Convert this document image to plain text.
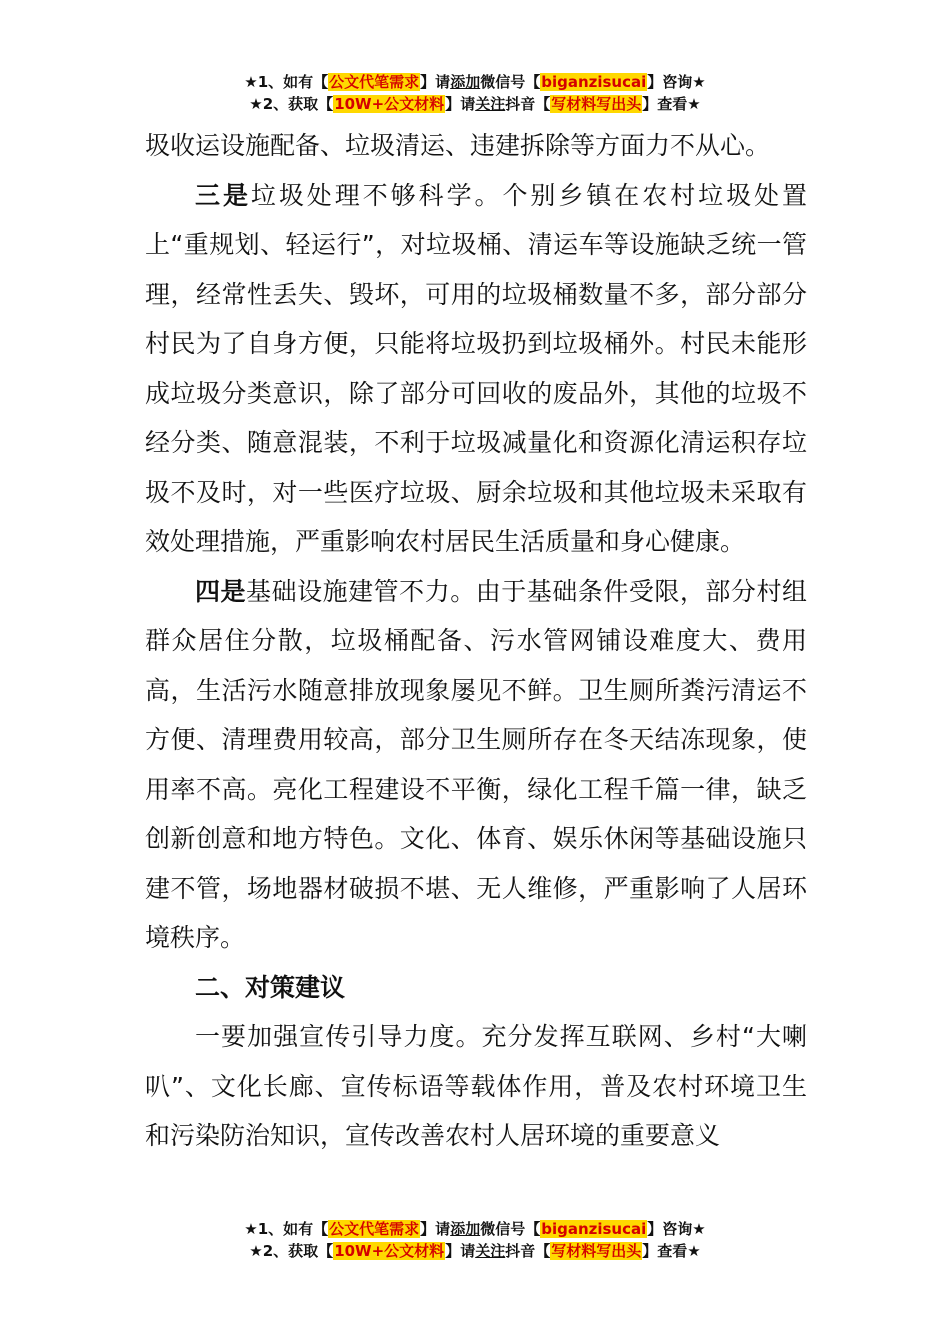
★1、如有【公文代笔需求】请添加微信号【biganzisucai】咨询★
★2、获取【10W+公文材料】请关注抖音【写材料写出头】查看★

圾收运设施配备、垃圾清运、违建拆除等方面力不从心。

三是垃圾处理不够科学。个别乡镇在农村垃圾处置上“重规划、轻运行”，对垃圾桶、清运车等设施缺乏统一管理，经常性丢失、毁坏，可用的垃圾桶数量不多，部分部分村民为了自身方便，只能将垃圾扔到垃圾桶外。村民未能形成垃圾分类意识，除了部分可回收的废品外，其他的垃圾不经分类、随意混装，不利于垃圾减量化和资源化清运积存垃圾不及时，对一些医疗垃圾、厨余垃圾和其他垃圾未采取有效处理措施，严重影响农村居民生活质量和身心健康。

四是基础设施建管不力。由于基础条件受限，部分村组群众居住分散，垃圾桶配备、污水管网铺设难度大、费用高，生活污水随意排放现象屡见不鲜。卫生厕所粪污清运不方便、清理费用较高，部分卫生厕所存在冬天结冻现象，使用率不高。亮化工程建设不平衡，绿化工程千篇一律，缺乏创新创意和地方特色。文化、体育、娱乐休闲等基础设施只建不管，场地器材破损不堪、无人维修，严重影响了人居环境秩序。

二、对策建议

一要加强宣传引导力度。充分发挥互联网、乡村“大喇叭”、文化长廊、宣传标语等载体作用，普及农村环境卫生和污染防治知识，宣传改善农村人居环境的重要意义

★1、如有【公文代笔需求】请添加微信号【biganzisucai】咨询★
★2、获取【10W+公文材料】请关注抖音【写材料写出头】查看★
